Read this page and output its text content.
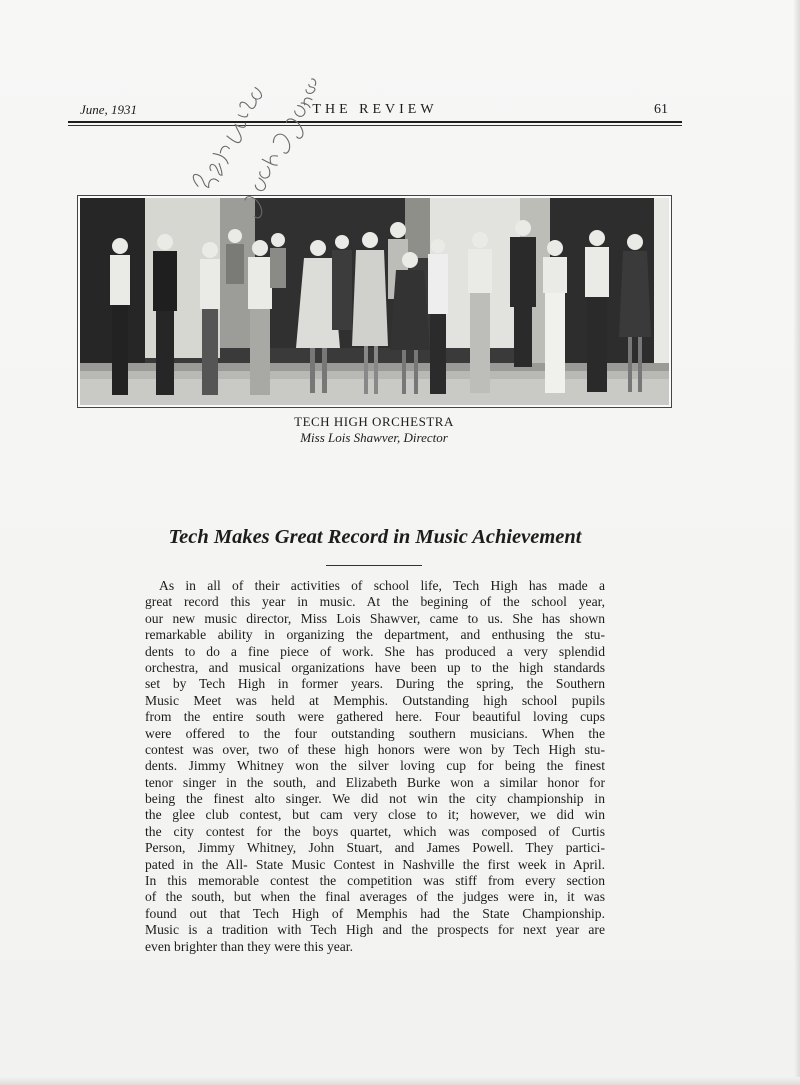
June, 1931	THE REVIEW	61
TECH HIGH ORCHESTRA
Miss Lois Shawver, Director
Tech Makes Great Record in Music Achievement
As in all of their activities of school life, Tech High has made a
great record this year in music. At the begining of the school year,
our new music director, Miss Lois Shawver, came to us. She has shown
remarkable ability in organizing the department, and enthusing the stu-
dents to do a fine piece of work. She has produced a very splendid
orchestra, and musical organizations have been up to the high standards
set by Tech High in former years. During the spring, the Southern
Music Meet was held at Memphis. Outstanding high school pupils
from the entire south were gathered here. Four beautiful loving cups
were offered to the four outstanding southern musicians. When the
contest was over, two of these high honors were won by Tech High stu-
dents. Jimmy Whitney won the silver loving cup for being the finest
tenor singer in the south, and Elizabeth Burke won a similar honor for
being the finest alto singer. We did not win the city championship in
the glee club contest, but cam very close to it; however, we did win
the city contest for the boys quartet, which was composed of Curtis
Person, Jimmy Whitney, John Stuart, and James Powell. They partici-
pated in the All- State Music Contest in Nashville the first week in April.
In this memorable contest the competition was stiff from every section
of the south, but when the final averages of the judges were in, it was
found out that Tech High of Memphis had the State Championship.
Music is a tradition with Tech High and the prospects for next year are
even brighter than they were this year.
